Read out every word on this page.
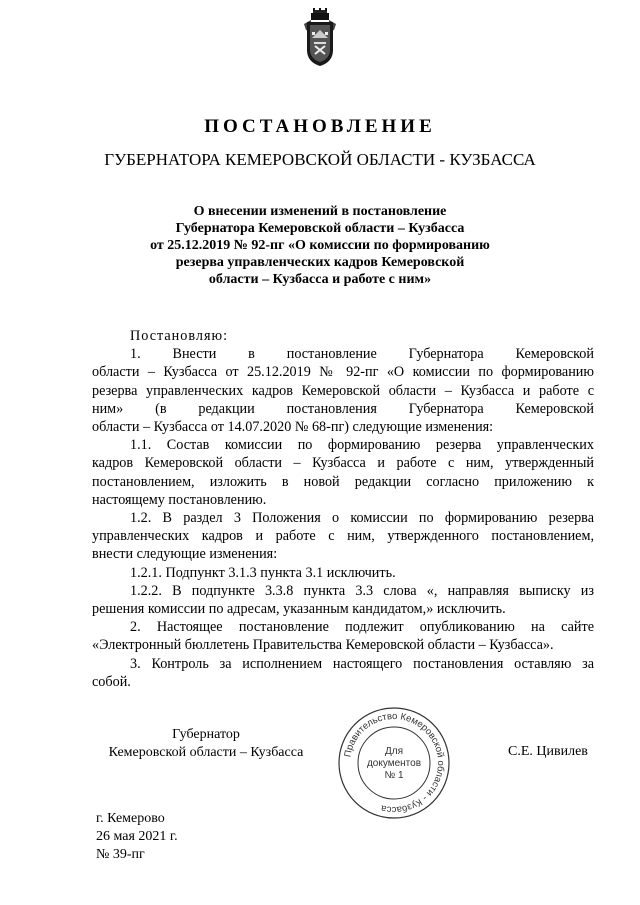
ПОСТАНОВЛЕНИЕ
ГУБЕРНАТОРА КЕМЕРОВСКОЙ ОБЛАСТИ - КУЗБАССА
О внесении изменений в постановление
Губернатора Кемеровской области – Кузбасса
от 25.12.2019 № 92-пг «О комиссии по формированию
резерва управленческих кадров Кемеровской
области – Кузбасса и работе с ним»
Постановляю:
1. Внести в постановление Губернатора Кемеровской
области – Кузбасса от 25.12.2019 № 92-пг «О комиссии по формированию
резерва управленческих кадров Кемеровской области – Кузбасса и работе с
ним» (в редакции постановления Губернатора Кемеровской
области – Кузбасса от 14.07.2020 № 68-пг) следующие изменения:
1.1. Состав комиссии по формированию резерва управленческих
кадров Кемеровской области – Кузбасса и работе с ним, утвержденный
постановлением, изложить в новой редакции согласно приложению к
настоящему постановлению.
1.2. В раздел 3 Положения о комиссии по формированию резерва
управленческих кадров и работе с ним, утвержденного постановлением,
внести следующие изменения:
1.2.1. Подпункт 3.1.3 пункта 3.1 исключить.
1.2.2. В подпункте 3.3.8 пункта 3.3 слова «, направляя выписку из
решения комиссии по адресам, указанным кандидатом,» исключить.
2. Настоящее постановление подлежит опубликованию на сайте
«Электронный бюллетень Правительства Кемеровской области – Кузбасса».
3. Контроль за исполнением настоящего постановления оставляю за
собой.
Губернатор
Кемеровской области – Кузбасса	Правительство Кемеровской области - Кузбасса
Для
документов
№ 1
С.Е. Цивилев
г. Кемерово
26 мая 2021 г.
№ 39-пг
